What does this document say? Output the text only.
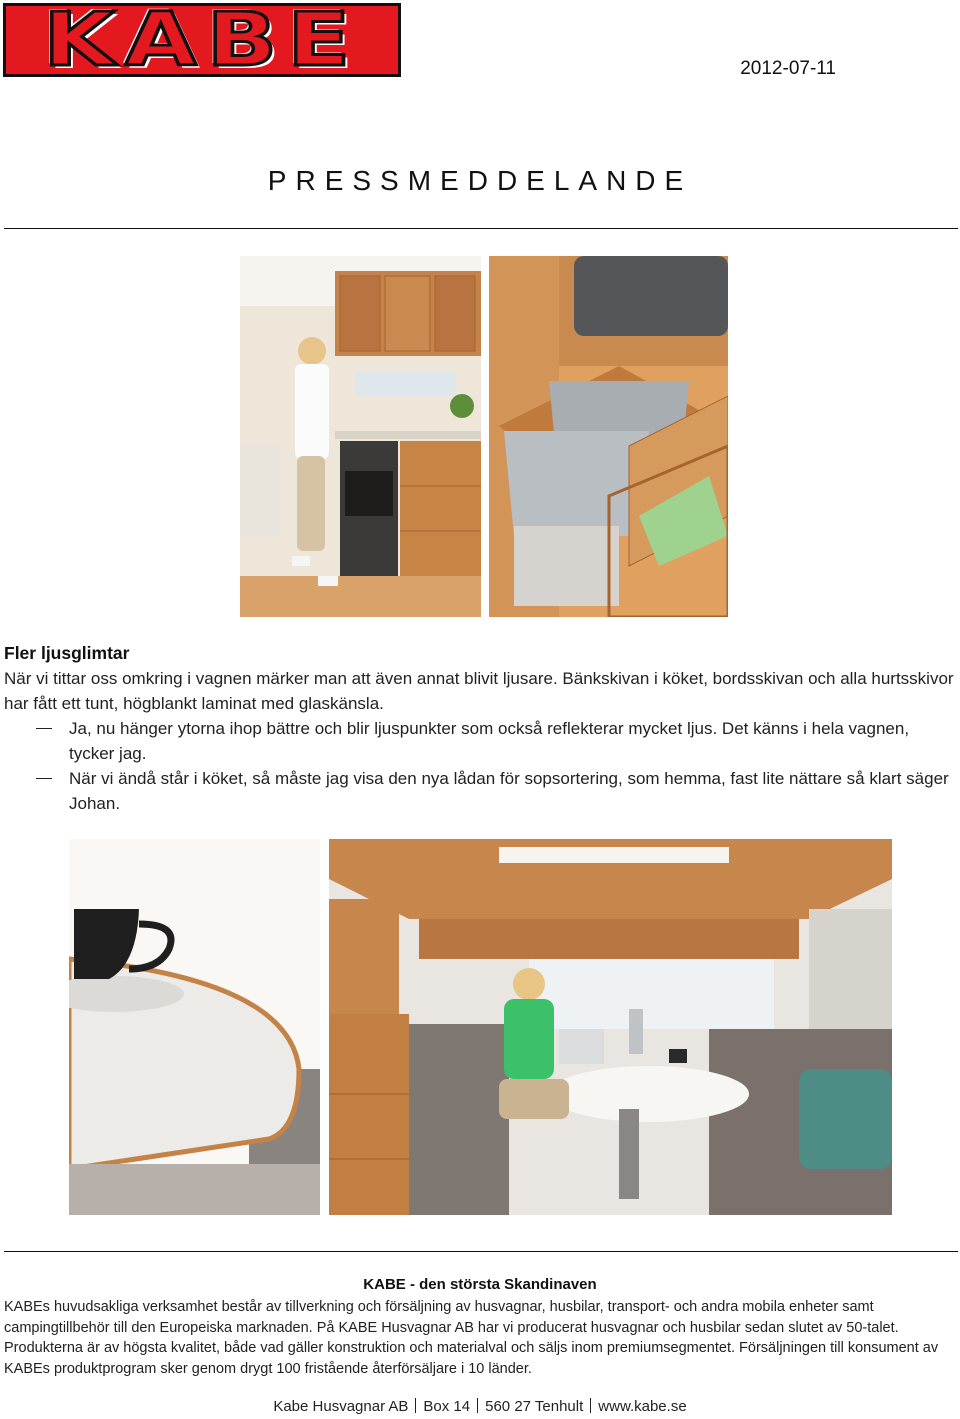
KABE	2012-07-11
PRESSMEDDELANDE
Fler ljusglimtar

När vi tittar oss omkring i vagnen märker man att även annat blivit ljusare. Bänkskivan i köket, bordsskivan och alla hurtsskivor har fått ett tunt, högblankt laminat med glaskänsla.

Ja, nu hänger ytorna ihop bättre och blir ljuspunkter som också reflekterar mycket ljus. Det känns i hela vagnen, tycker jag.

När vi ändå står i köket, så måste jag visa den nya lådan för sopsortering, som hemma, fast lite nättare så klart säger Johan.

KABE - den största Skandinaven
KABEs huvudsakliga verksamhet består av tillverkning och försäljning av husvagnar, husbilar, transport- och andra mobila enheter samt campingtillbehör till den Europeiska marknaden. På KABE Husvagnar AB har vi producerat husvagnar och husbilar sedan slutet av 50-talet. Produkterna är av högsta kvalitet, både vad gäller konstruktion och materialval och säljs inom premiumsegmentet. Försäljningen till konsument av KABEs produktprogram sker genom drygt 100 fristående återförsäljare i 10 länder.
Kabe Husvagnar AB Box 14 560 27 Tenhult www.kabe.se
